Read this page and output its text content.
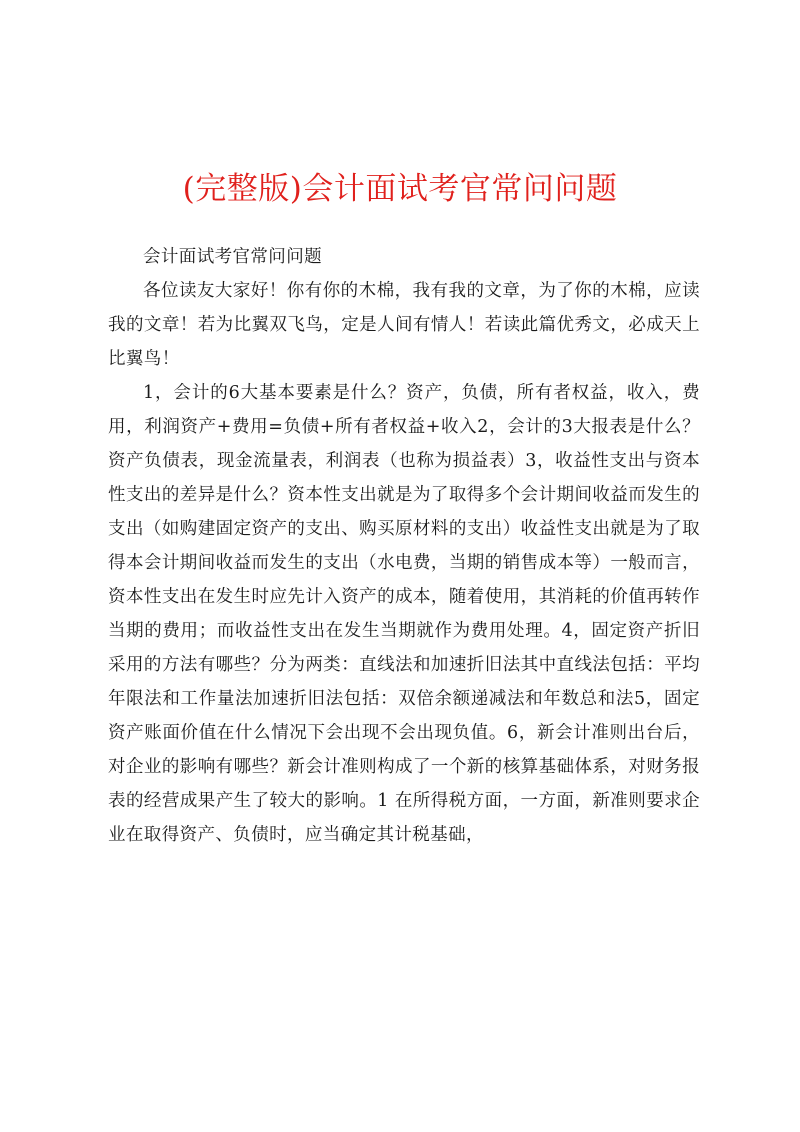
(完整版)会计面试考官常问问题

会计面试考官常问问题

各位读友大家好！你有你的木棉，我有我的文章，为了你的木棉，应读我的文章！若为比翼双飞鸟，定是人间有情人！若读此篇优秀文，必成天上比翼鸟！

1，会计的6大基本要素是什么？资产，负债，所有者权益，收入，费用，利润资产+费用=负债+所有者权益+收入2，会计的3大报表是什么？资产负债表，现金流量表，利润表（也称为损益表）3，收益性支出与资本性支出的差异是什么？资本性支出就是为了取得多个会计期间收益而发生的支出（如购建固定资产的支出、购买原材料的支出）收益性支出就是为了取得本会计期间收益而发生的支出（水电费，当期的销售成本等）一般而言，资本性支出在发生时应先计入资产的成本，随着使用，其消耗的价值再转作当期的费用；而收益性支出在发生当期就作为费用处理。4，固定资产折旧采用的方法有哪些？分为两类：直线法和加速折旧法其中直线法包括：平均年限法和工作量法加速折旧法包括：双倍余额递减法和年数总和法5，固定资产账面价值在什么情况下会出现不会出现负值。6，新会计准则出台后，对企业的影响有哪些？新会计准则构成了一个新的核算基础体系，对财务报表的经营成果产生了较大的影响。1 在所得税方面，一方面，新准则要求企业在取得资产、负债时，应当确定其计税基础，
